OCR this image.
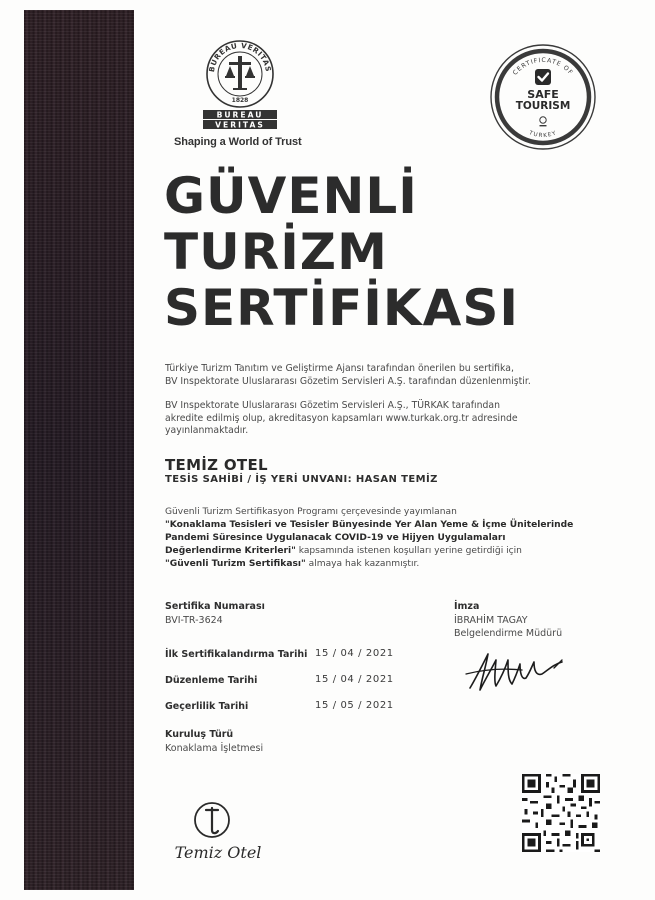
BUREAU VERITAS
1828
BUREAU
VERITAS
Shaping a World of Trust
CERTIFICATE OF
TURKEY
SAFE
TOURISM
GÜVENLİ
TURİZM
SERTİFİKASI
Türkiye Turizm Tanıtım ve Geliştirme Ajansı tarafından önerilen bu sertifika,
BV Inspektorate Uluslararası Gözetim Servisleri A.Ş. tarafından düzenlenmiştir.
BV Inspektorate Uluslararası Gözetim Servisleri A.Ş., TÜRKAK tarafından
akredite edilmiş olup, akreditasyon kapsamları www.turkak.org.tr adresinde
yayınlanmaktadır.
TEMİZ OTEL
TESİS SAHİBİ / İŞ YERİ UNVANI: HASAN TEMİZ
Güvenli Turizm Sertifikasyon Programı çerçevesinde yayımlanan
"Konaklama Tesisleri ve Tesisler Bünyesinde Yer Alan Yeme & İçme Ünitelerinde
Pandemi Süresince Uygulanacak COVID-19 ve Hijyen Uygulamaları
Değerlendirme Kriterleri" kapsamında istenen koşulları yerine getirdiği için
"Güvenli Turizm Sertifikası" almaya hak kazanmıştır.
Sertifika Numarası
BVI-TR-3624
İlk Sertifikalandırma Tarihi 15 / 04 / 2021
Düzenleme Tarihi	15 / 04 / 2021
Geçerlilik Tarihi	15 / 05 / 2021
Kuruluş Türü
Konaklama İşletmesi
İmza
İBRAHİM TAGAY
Belgelendirme Müdürü
Temiz Otel
